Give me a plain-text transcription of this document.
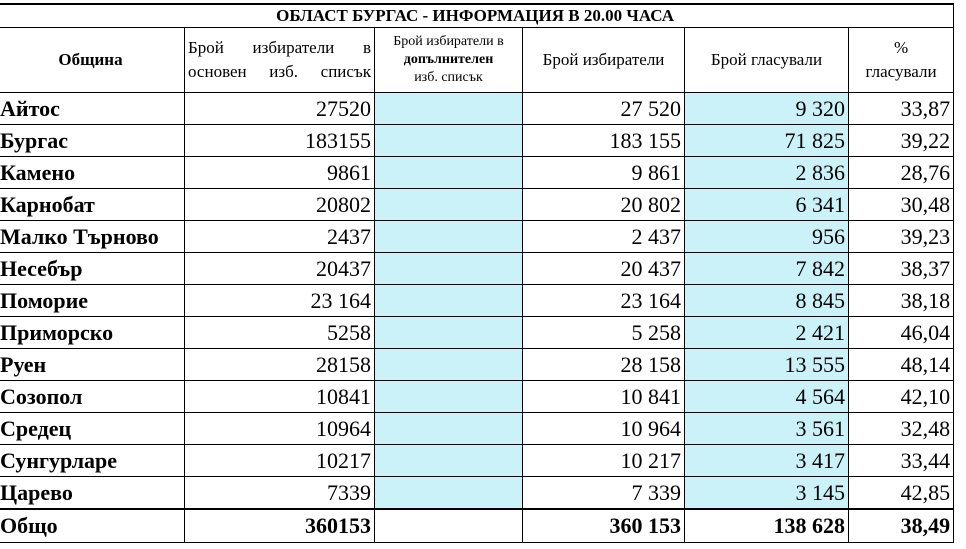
ОБЛАСТ БУРГАС - ИНФОРМАЦИЯ В 20.00 ЧАСА					
Община	Брой избиратели в основен изб. списък	Брой избиратели в
допълнителен
изб. списък	Брой избиратели	Брой гласували	%
гласували
Айтос	27520		27 520	9 320	33,87
Бургас	183155		183 155	71 825	39,22
Камено	9861		9 861	2 836	28,76
Карнобат	20802		20 802	6 341	30,48
Малко Търново	2437		2 437	956	39,23
Несебър	20437		20 437	7 842	38,37
Поморие	23 164		23 164	8 845	38,18
Приморско	5258		5 258	2 421	46,04
Руен	28158		28 158	13 555	48,14
Созопол	10841		10 841	4 564	42,10
Средец	10964		10 964	3 561	32,48
Сунгурларе	10217		10 217	3 417	33,44
Царево	7339		7 339	3 145	42,85
Общо	360153		360 153	138 628	38,49
